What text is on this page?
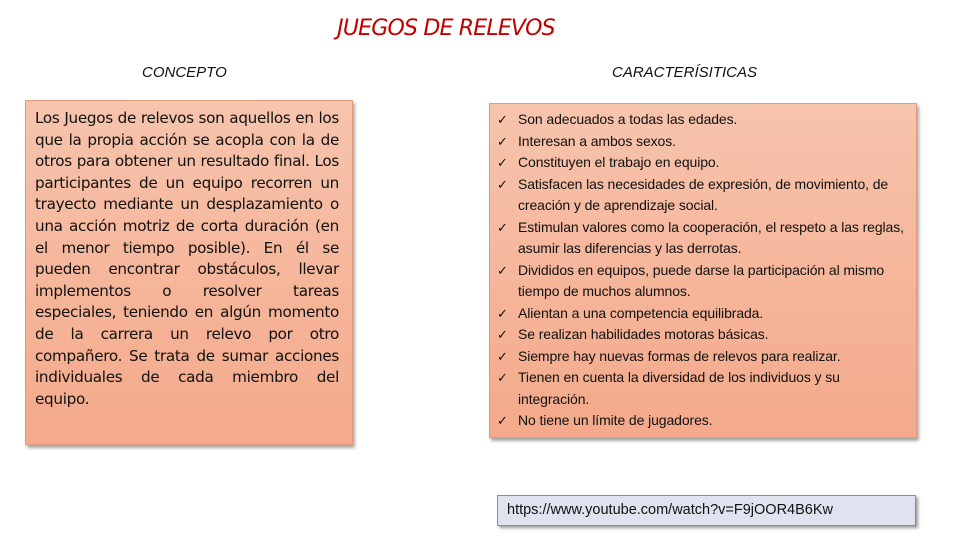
JUEGOS DE RELEVOS
CONCEPTO	CARACTERÍSITICAS

Los Juegos de relevos son aquellos en los que la propia acción se acopla con la de otros para obtener un resultado final. Los participantes de un equipo recorren un trayecto mediante un desplazamiento o una acción motriz de corta duración (en el menor tiempo posible). En él se pueden encontrar obstáculos, llevar implementos o resolver tareas especiales, teniendo en algún momento de la carrera un relevo por otro compañero. Se trata de sumar acciones individuales de cada miembro del equipo.

✓ Son adecuados a todas las edades.
✓ Interesan a ambos sexos.
✓ Constituyen el trabajo en equipo.
✓ Satisfacen las necesidades de expresión, de movimiento, de creación y de aprendizaje social.
✓ Estimulan valores como la cooperación, el respeto a las reglas, asumir las diferencias y las derrotas.
✓ Divididos en equipos, puede darse la participación al mismo tiempo de muchos alumnos.
✓ Alientan a una competencia equilibrada.
✓ Se realizan habilidades motoras básicas.
✓ Siempre hay nuevas formas de relevos para realizar.
✓ Tienen en cuenta la diversidad de los individuos y su integración.
✓ No tiene un límite de jugadores.
https://www.youtube.com/watch?v=F9jOOR4B6Kw
